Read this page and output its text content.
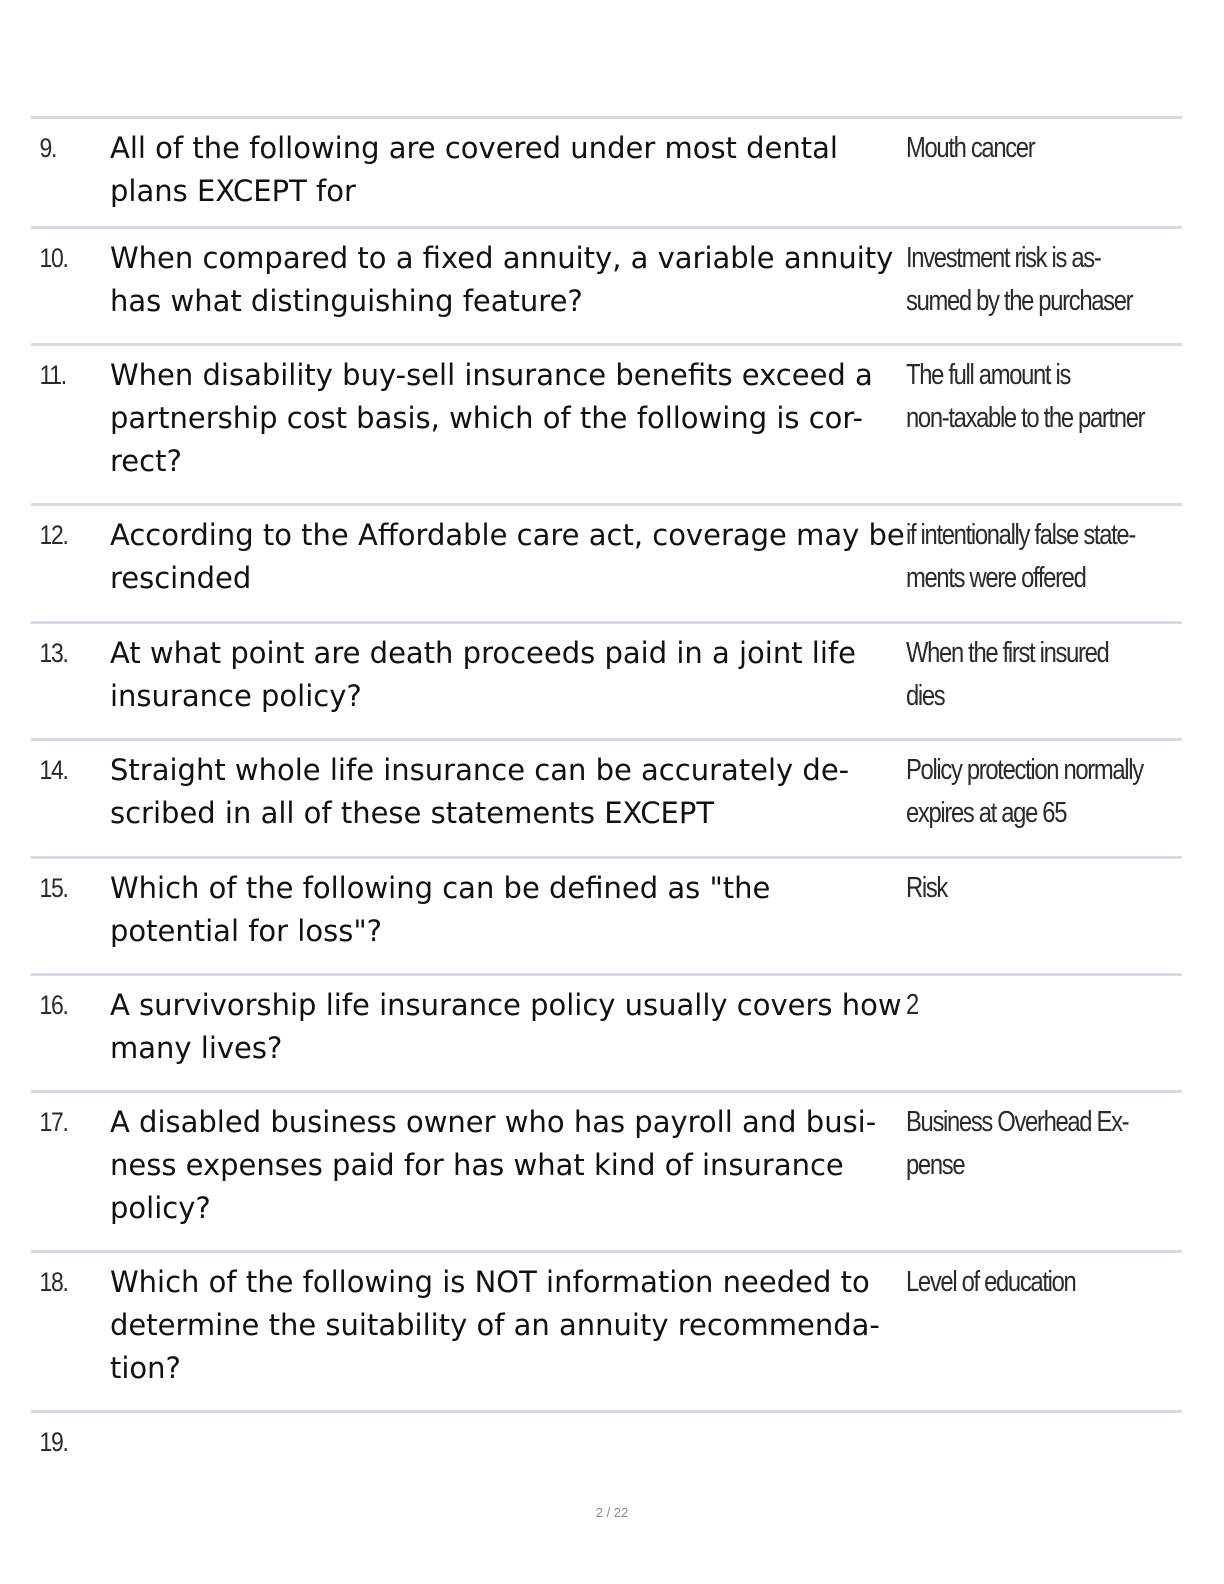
9.	All of the following are covered under most dental plans EXCEPT for
Mouth cancer
10.	When compared to a fixed annuity, a variable annuity has what distinguishing feature?
Investment risk is as-
sumed by the purchaser
11.	When disability buy-sell insurance benefits exceed a partnership cost basis, which of the following is cor-rect?
The full amount is
non-taxable to the partner
12.	According to the Affordable care act, coverage may be rescinded
if intentionally false state-
ments were offered
13.	At what point are death proceeds paid in a joint life insurance policy?
When the first insured
dies
14.	Straight whole life insurance can be accurately de-scribed in all of these statements EXCEPT
Policy protection normally
expires at age 65
15.	Which of the following can be defined as "the potential for loss"?
Risk
16.	A survivorship life insurance policy usually covers how many lives?
2
17.	A disabled business owner who has payroll and busi-ness expenses paid for has what kind of insurance policy?
Business Overhead Ex-
pense
18.	Which of the following is NOT information needed to determine the suitability of an annuity recommenda-tion?
Level of education
19.
2 / 22
